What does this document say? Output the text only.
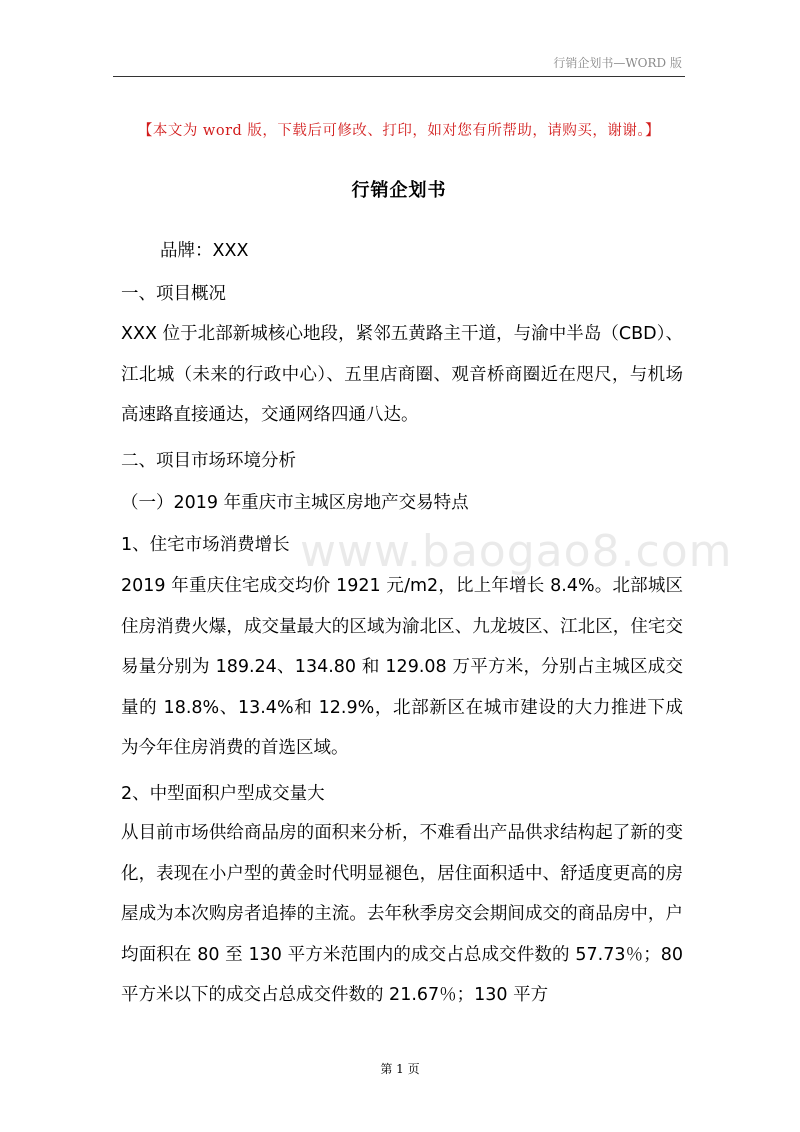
行销企划书—WORD 版
【本文为 word 版，下载后可修改、打印，如对您有所帮助，请购买，谢谢。】
行销企划书
品牌：XXX
一、项目概况

XXX 位于北部新城核心地段，紧邻五黄路主干道，与渝中半岛（CBD）、江北城（未来的行政中心）、五里店商圈、观音桥商圈近在咫尺，与机场高速路直接通达，交通网络四通八达。

二、项目市场环境分析
（一）2019 年重庆市主城区房地产交易特点
1、住宅市场消费增长

2019 年重庆住宅成交均价 1921 元/m2，比上年增长 8.4%。北部城区住房消费火爆，成交量最大的区域为渝北区、九龙坡区、江北区，住宅交易量分别为 189.24、134.80 和 129.08 万平方米，分别占主城区成交量的 18.8%、13.4%和 12.9%，北部新区在城市建设的大力推进下成为今年住房消费的首选区域。

2、中型面积户型成交量大

从目前市场供给商品房的面积来分析，不难看出产品供求结构起了新的变化，表现在小户型的黄金时代明显褪色，居住面积适中、舒适度更高的房屋成为本次购房者追捧的主流。去年秋季房交会期间成交的商品房中，户均面积在 80 至 130 平方米范围内的成交占总成交件数的 57.73％；80 平方米以下的成交占总成交件数的 21.67％；130 平方

www.baogao8.com
第 1 页
